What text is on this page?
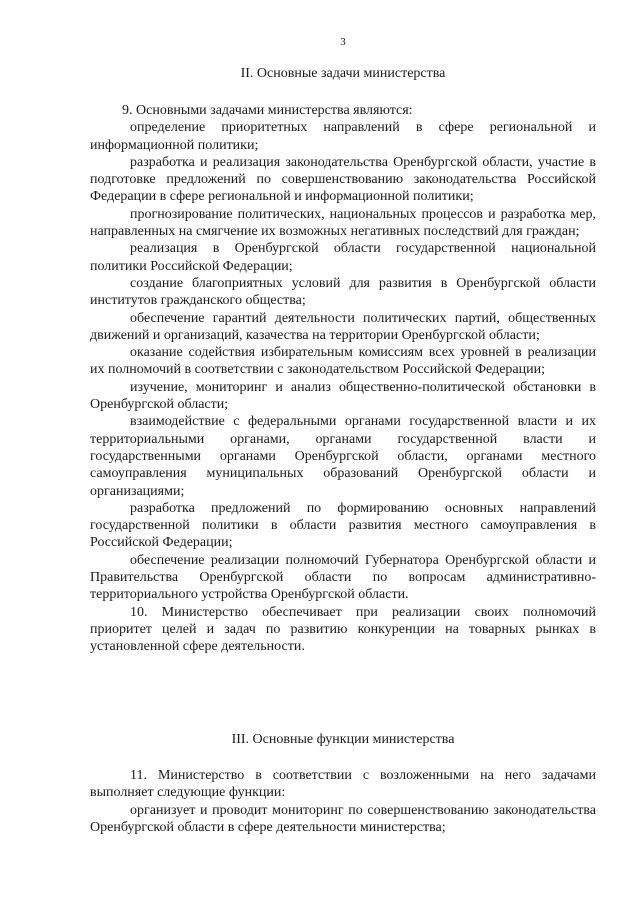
3
II. Основные задачи министерства

9. Основными задачами министерства являются:

определение приоритетных направлений в сфере региональной и информационной политики;

разработка и реализация законодательства Оренбургской области, участие в подготовке предложений по совершенствованию законодательства Российской Федерации в сфере региональной и информационной политики;

прогнозирование политических, национальных процессов и разработка мер, направленных на смягчение их возможных негативных последствий для граждан;

реализация в Оренбургской области государственной национальной политики Российской Федерации;

создание благоприятных условий для развития в Оренбургской области институтов гражданского общества;

обеспечение гарантий деятельности политических партий, общественных движений и организаций, казачества на территории Оренбургской области;

оказание содействия избирательным комиссиям всех уровней в реализации их полномочий в соответствии с законодательством Российской Федерации;

изучение, мониторинг и анализ общественно-политической обстановки в Оренбургской области;

взаимодействие с федеральными органами государственной власти и их территориальными органами, органами государственной власти и государственными органами Оренбургской области, органами местного самоуправления муниципальных образований Оренбургской области и организациями;

разработка предложений по формированию основных направлений государственной политики в области развития местного самоуправления в Российской Федерации;

обеспечение реализации полномочий Губернатора Оренбургской области и Правительства Оренбургской области по вопросам административно-территориального устройства Оренбургской области.

10. Министерство обеспечивает при реализации своих полномочий приоритет целей и задач по развитию конкуренции на товарных рынках в установленной сфере деятельности.

III. Основные функции министерства

11. Министерство в соответствии с возложенными на него задачами выполняет следующие функции:

организует и проводит мониторинг по совершенствованию законодательства Оренбургской области в сфере деятельности министерства;
